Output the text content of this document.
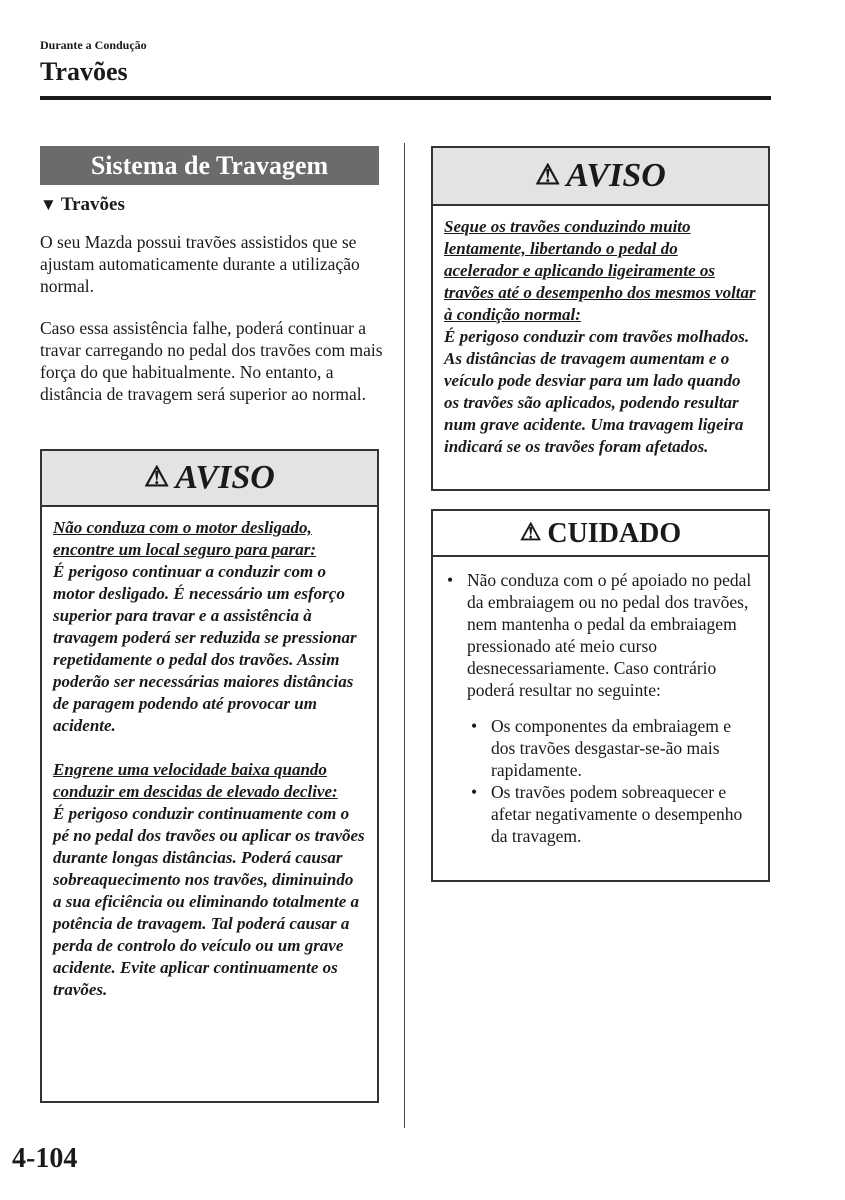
Durante a Condução
Travões
Sistema de Travagem
▼ Travões

O seu Mazda possui travões assistidos que se ajustam automaticamente durante a utilização normal.

Caso essa assistência falhe, poderá continuar a travar carregando no pedal dos travões com mais força do que habitualmente. No entanto, a distância de travagem será superior ao normal.

⚠ AVISO

Não conduza com o motor desligado, encontre um local seguro para parar:

É perigoso continuar a conduzir com o motor desligado. É necessário um esforço superior para travar e a assistência à travagem poderá ser reduzida se pressionar repetidamente o pedal dos travões. Assim poderão ser necessárias maiores distâncias de paragem podendo até provocar um acidente.

Engrene uma velocidade baixa quando conduzir em descidas de elevado declive:

É perigoso conduzir continuamente com o pé no pedal dos travões ou aplicar os travões durante longas distâncias. Poderá causar sobreaquecimento nos travões, diminuindo a sua eficiência ou eliminando totalmente a potência de travagem. Tal poderá causar a perda de controlo do veículo ou um grave acidente. Evite aplicar continuamente os travões.

⚠ AVISO

Seque os travões conduzindo muito lentamente, libertando o pedal do acelerador e aplicando ligeiramente os travões até o desempenho dos mesmos voltar à condição normal:

É perigoso conduzir com travões molhados. As distâncias de travagem aumentam e o veículo pode desviar para um lado quando os travões são aplicados, podendo resultar num grave acidente. Uma travagem ligeira indicará se os travões foram afetados.

⚠ CUIDADO
• Não conduza com o pé apoiado no pedal da embraiagem ou no pedal dos travões, nem mantenha o pedal da embraiagem pressionado até meio curso desnecessariamente. Caso contrário poderá resultar no seguinte:
• Os componentes da embraiagem e dos travões desgastar-se-ão mais rapidamente.
• Os travões podem sobreaquecer e afetar negativamente o desempenho da travagem.
4-104
